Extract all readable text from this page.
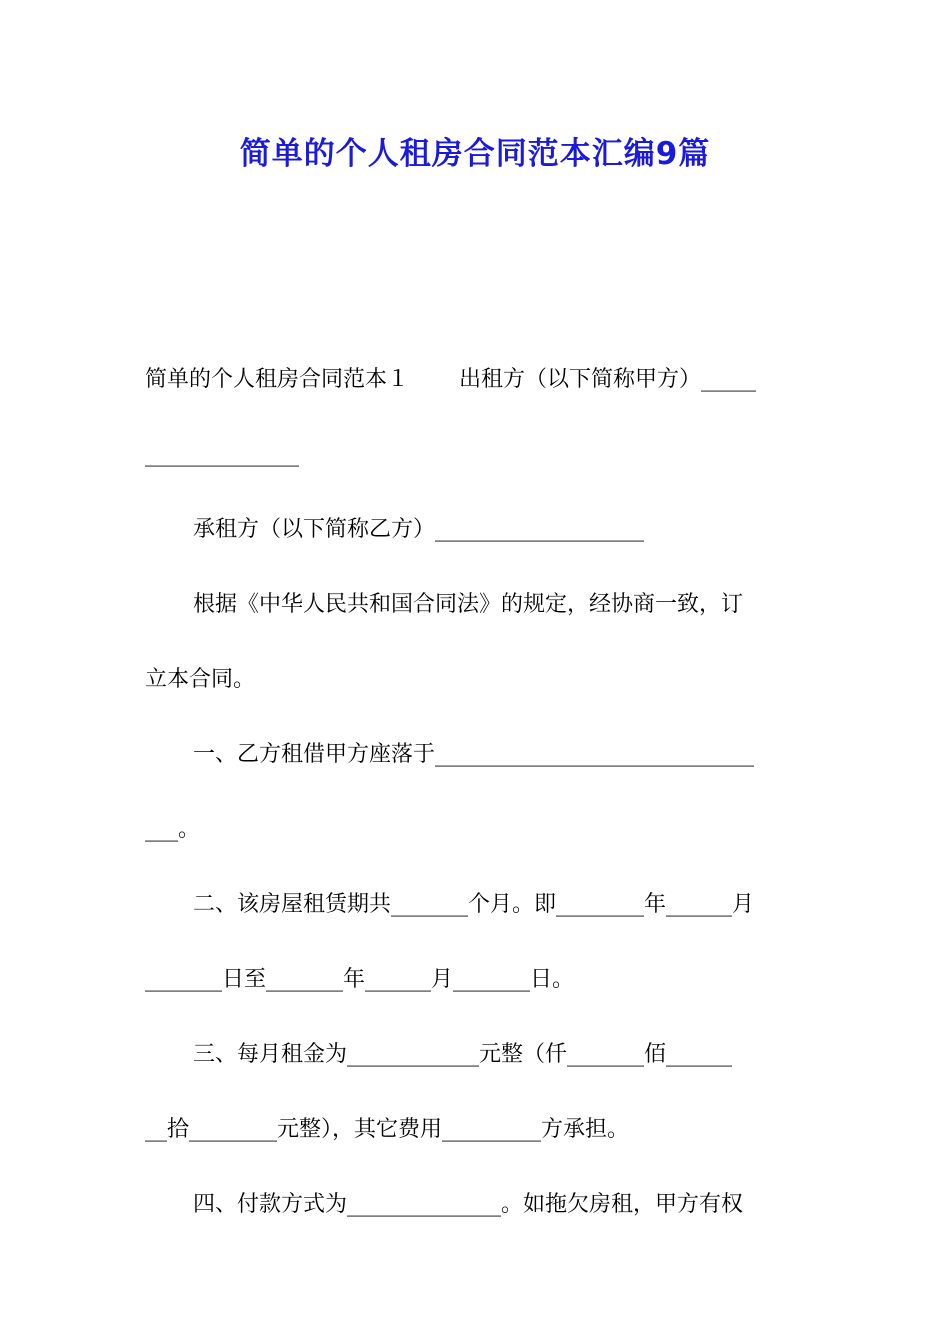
简单的个人租房合同范本汇编9篇
简单的个人租房合同范本１ 出租方（以下简称甲方）_____
______________
承租方（以下简称乙方）___________________
根据《中华人民共和国合同法》的规定，经协商一致，订
立本合同。
一、乙方租借甲方座落于_____________________________
___。
二、该房屋租赁期共_______个月。即________年______月
_______日至_______年______月_______日。
三、每月租金为____________元整（仟_______佰______
__拾________元整），其它费用_________方承担。
四、付款方式为______________。如拖欠房租，甲方有权
